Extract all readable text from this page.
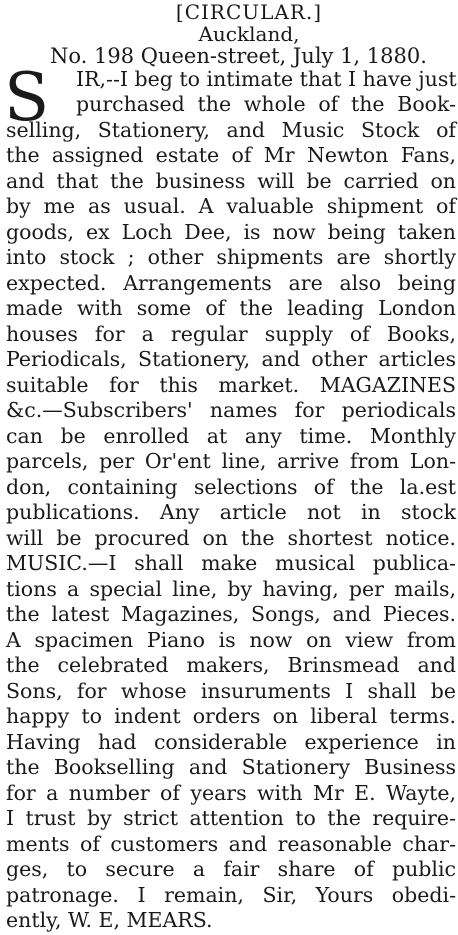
[CIRCULAR.]
Auckland,
No. 198 Queen-street, July 1, 1880.
S IR,--I beg to intimate that I have just
purchased the whole of the Book-
selling, Stationery, and Music Stock of
the assigned estate of Mr Newton Fans,
and that the business will be carried on
by me as usual. A valuable shipment of
goods, ex Loch Dee, is now being taken
into stock ; other shipments are shortly
expected. Arrangements are also being
made with some of the leading London
houses for a regular supply of Books,
Periodicals, Stationery, and other articles
suitable for this market. MAGAZINES
&c.—Subscribers' names for periodicals
can be enrolled at any time. Monthly
parcels, per Or'ent line, arrive from Lon-
don, containing selections of the la.est
publications. Any article not in stock
will be procured on the shortest notice.
MUSIC.—I shall make musical publica-
tions a special line, by having, per mails,
the latest Magazines, Songs, and Pieces.
A spacimen Piano is now on view from
the celebrated makers, Brinsmead and
Sons, for whose insuruments I shall be
happy to indent orders on liberal terms.
Having had considerable experience in
the Bookselling and Stationery Business
for a number of years with Mr E. Wayte,
I trust by strict attention to the require-
ments of customers and reasonable char-
ges, to secure a fair share of public
patronage. I remain, Sir, Yours obedi-
ently, W. E, MEARS.
